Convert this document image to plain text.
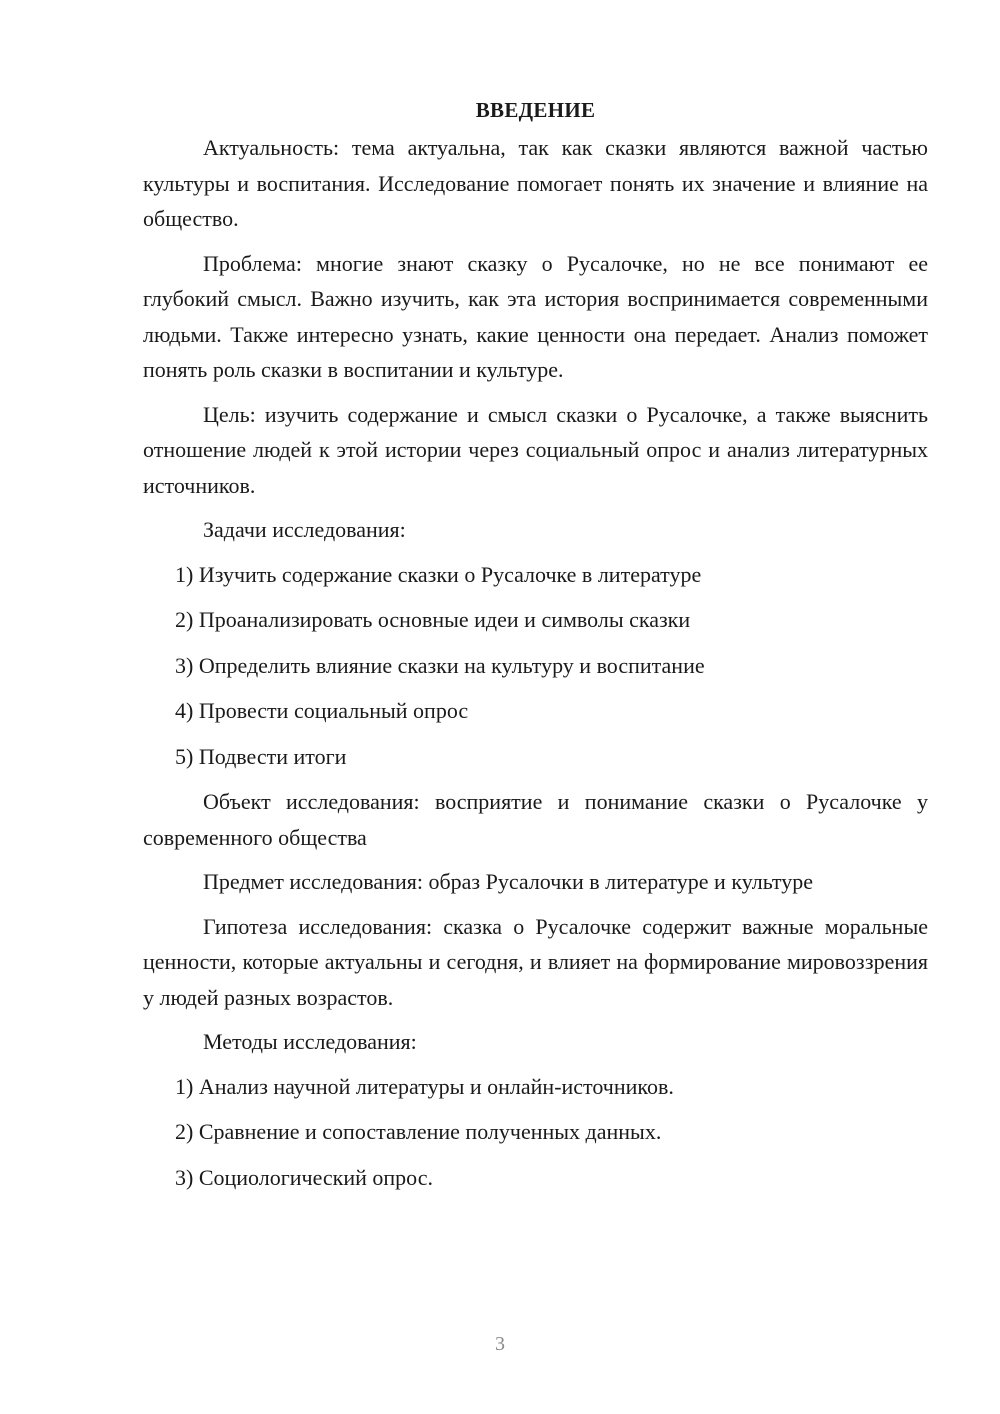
ВВЕДЕНИЕ

Актуальность: тема актуальна, так как сказки являются важной частью культуры и воспитания. Исследование помогает понять их значение и влияние на общество.

Проблема: многие знают сказку о Русалочке, но не все понимают ее глубокий смысл. Важно изучить, как эта история воспринимается современными людьми. Также интересно узнать, какие ценности она передает. Анализ поможет понять роль сказки в воспитании и культуре.

Цель: изучить содержание и смысл сказки о Русалочке, а также выяснить отношение людей к этой истории через социальный опрос и анализ литературных источников.

Задачи исследования:
1) Изучить содержание сказки о Русалочке в литературе
2) Проанализировать основные идеи и символы сказки
3) Определить влияние сказки на культуру и воспитание
4) Провести социальный опрос
5) Подвести итоги

Объект исследования: восприятие и понимание сказки о Русалочке у современного общества

Предмет исследования: образ Русалочки в литературе и культуре

Гипотеза исследования: сказка о Русалочке содержит важные моральные ценности, которые актуальны и сегодня, и влияет на формирование мировоззрения у людей разных возрастов.

Методы исследования:
1) Анализ научной литературы и онлайн-источников.
2) Сравнение и сопоставление полученных данных.
3) Социологический опрос.
3
